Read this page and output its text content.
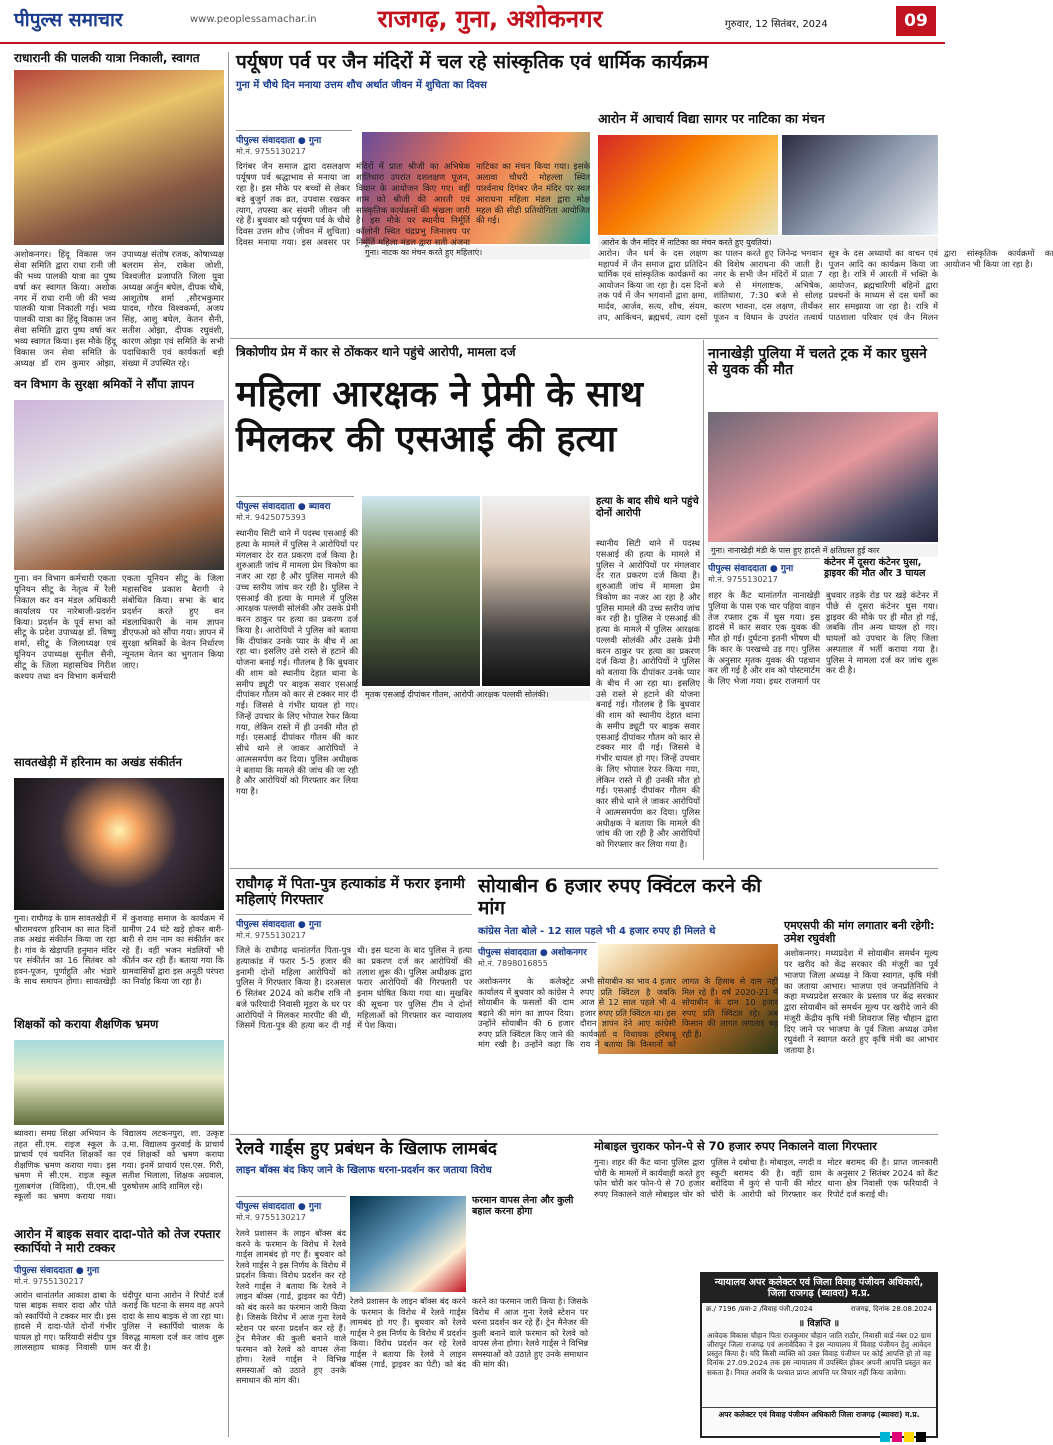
पीपुल्स समाचार	www.peoplessamachar.in	राजगढ़, गुना, अशोकनगर	गुरुवार, 12 सितंबर, 2024	09
राधारानी की पालकी यात्रा निकाली, स्वागत
अशोकनगर। हिंदू विकास जन सेवा समिति द्वारा राधा रानी जी की भव्य पालकी यात्रा का पुष्प वर्षा कर स्वागत किया। अशोक नगर में राधा रानी जी की भव्य पालकी यात्रा निकाली गई। भव्य पालकी यात्रा का हिंदू विकास जन सेवा समिति द्वारा पुष्प वर्षा कर भव्य स्वागत किया। इस मौके हिंदू विकास जन सेवा समिति के अध्यक्ष डॉ राम कुमार ओझा, उपाध्यक्ष संतोष रजक, कोषाध्यक्ष बलराम सेन, राकेश जोशी, विश्वजीत प्रजापति जिला युवा अध्यक्ष अर्जुन बघेल, दीपक चौबे, आशुतोष शर्मा ,सौरभकुमार यादव, गौरव विश्वकर्मा, अजय सिंह, आशु बघेल, केतन सैनी, सतीश ओझा, दीपक रघुवंशी, कारण ओझा एवं समिति के सभी पदाधिकारी एवं कार्यकर्ता बड़ी संख्या में उपस्थित रहे।
पर्यूषण पर्व पर जैन मंदिरों में चल रहे सांस्कृतिक एवं धार्मिक कार्यक्रम
गुना में चौथे दिन मनाया उत्तम शौच अर्थात जीवन में शुचिता का दिवस
पीपुल्स संवाददाता ● गुना
मो.नं. 9755130217
गुना। नाटक का मंचन करते हुए महिलाएं।
दिगंबर जैन समाज द्वारा दसलक्षण पर्यूषण पर्व श्रद्धाभाव से मनाया जा रहा है। इस मौके पर बच्चों से लेकर बड़े बुजुर्ग तक व्रत, उपवास रखकर त्याग, तपस्या कर संयमी जीवन जी रहे हैं। बुधवार को पर्यूषण पर्व के चौथे दिवस उत्तम शौच (जीवन में शुचिता) दिवस मनाया गया। इस अवसर पर मंदिरों में प्रातः श्रीजी का अभिषेक शांतिधारा उपरांत दशलक्षण पूजन, विधान के आयोजन किए गए। वहीं शाम को श्रीजी की आरती एवं सांस्कृतिक कार्यक्रमों की श्रृंखला जारी है। इस मौके पर स्थानीय निर्मूर्ति कॉलोनी स्थित चंद्रप्रभु जिनालय पर निर्मूर्ति महिला मंडल द्वारा सती अंजना नाटिका का मंचन किया गया। इसके अलावा चौधरी मोहल्ला स्थित पार्श्वनाथ दिगंबर जैन मंदिर पर स्वत आराधना महिला मंडल द्वारा मोक्ष महल की सीढ़ी प्रतियोगिता आयोजित की गई।
आरोन में आचार्य विद्या सागर पर नाटिका का मंचन
आरोन के जैन मंदिर में नाटिका का मंचन करते हुए युवतियां।
आरोन। जैन धर्म के दस लक्षण महापर्व में जैन समाज द्वारा प्रतिदिन धार्मिक एवं सांस्कृतिक कार्यक्रमों का आयोजन किया जा रहा है। दस दिनों तक पर्व में जैन भगवानों द्वारा क्षमा, मार्दव, आर्जव, सत्य, शौच, संयम, तप, आकिंचन, ब्रह्मचर्य, त्याग दसों का पालन करते हुए जिनेन्द्र भगवान की विशेष आराधना की जाती है। नगर के सभी जैन मंदिरों में प्रातः 7 बजे से मंगलाष्टक, अभिषेक, शांतिधारा, 7:30 बजे से सोलह कारण भावना, दस लक्षण, तीर्थंकर पूजन व विधान के उपरांत तत्वार्थ सूत्र के दस अध्यायों का वाचन एवं पूजन आदि का कार्यक्रम किया जा रहा है। रात्रि में आरती में भक्ति के आयोजन, ब्रह्मचारिणी बहिनों द्वारा प्रवचनों के माध्यम से दस धर्मों का सार समझाया जा रहा है। रात्रि में पाठशाला परिवार एवं जैन मिलन द्वारा सांस्कृतिक कार्यक्रमों का आयोजन भी किया जा रहा है।
वन विभाग के सुरक्षा श्रमिकों ने सौंपा ज्ञापन
गुना। वन विभाग कर्मचारी एकता यूनियन सीटू के नेतृत्व में रैली निकाल कर वन मंडल अधिकारी कार्यालय पर नारेबाजी-प्रदर्शन किया। प्रदर्शन के पूर्व सभा को सीटू के प्रदेश उपाध्यक्ष डॉ. विष्णु शर्मा, सीटू के जिलाध्यक्ष एवं यूनियन उपाध्यक्ष सुनील सैनी, सीटू के जिला महासचिव गिरीश कश्यप तथा वन विभाग कर्मचारी एकता यूनियन सीटू के जिला महासचिव प्रकाश बैरागी ने संबोधित किया। सभा के बाद प्रदर्शन करते हुए वन मंडलाधिकारी के नाम ज्ञापन डीएफओ को सौंपा गया। ज्ञापन में सुरक्षा श्रमिकों के वेतन निर्धारण न्यूनतम वेतन का भुगतान किया जाए।
सावतखेड़ी में हरिनाम का अखंड संकीर्तन
गुना। राघौगढ़ के ग्राम सावतखेड़ी में श्रीरामचरण हरिनाम का सात दिनों तक अखंड संकीर्तन किया जा रहा है। गांव के खेड़ापति हनुमान मंदिर पर संकीर्तन का 16 सितंबर को हवन-पूजन, पूर्णाहुति और भंडारे के साथ समापन होगा। सावतखेड़ी में कुशवाह समाज के कार्यक्रम में ग्रामीण 24 घंटे खड़े होकर बारी-बारी से राम नाम का संकीर्तन कर रहे हैं। वहीं भजन मंडलियों भी कीर्तन कर रही हैं। बताया गया कि ग्रामवासियों द्वारा इस अनूठी परंपरा का निर्वाह किया जा रहा है।
शिक्षकों को कराया शैक्षणिक भ्रमण
ब्यावरा। समग्र शिक्षा अभियान के तहत सी.एम. राइज स्कूल के प्राचार्य एवं चयनित शिक्षकों का शैक्षणिक भ्रमण कराया गया। इस भ्रमण में सी.एम. राइज स्कूल गुलाबगंज (विदिशा), पी.एम.श्री स्कूलों का भ्रमण कराया गया। विद्यालय लटकनपुरा, शा. उत्कृष्ट उ.मा. विद्यालय कुरवाई के प्राचार्य एवं शिक्षकों को भ्रमण कराया गया। इनमें प्राचार्य एस.एस. गिरी, सतीश भिलाला, शिक्षक अग्रवाल, पुरुषोत्तम आदि शामिल रहे।
आरोन में बाइक सवार दादा-पोते को तेज रफ्तार स्कार्पियो ने मारी टक्कर
पीपुल्स संवाददाता ● गुना
मो.नं. 9755130217
आरोन थानांतर्गत आकाश ढाबा के पास बाइक सवार दादा और पोते को स्कार्पियो ने टक्कर मार दी। इस हादसे में दादा-पोते दोनों गंभीर घायल हो गए। फरियादी संदीप पुत्र लालसहाय धाकड़ निवासी ग्राम चंदीपुर थाना आरोन ने रिपोर्ट दर्ज कराई कि घटना के समय वह अपने दादा के साथ बाइक से जा रहा था। पुलिस ने स्कार्पियो चालक के विरुद्ध मामला दर्ज कर जांच शुरू कर दी है।
त्रिकोणीय प्रेम में कार से ठोंककर थाने पहुंचे आरोपी, मामला दर्ज
महिला आरक्षक ने प्रेमी के साथ मिलकर की एसआई की हत्या
पीपुल्स संवाददाता ● ब्यावरा
मो.नं. 9425075393
मृतक एसआई दीपांकर गौतम, आरोपी आरक्षक पल्लवी सोलंकी।
हत्या के बाद सीधे थाने पहुंचे दोनों आरोपी
स्थानीय सिटी थाने में पदस्थ एसआई की हत्या के मामले में पुलिस ने आरोपियों पर मंगलवार देर रात प्रकरण दर्ज किया है। शुरुआती जांच में मामला प्रेम त्रिकोण का नजर आ रहा है और पुलिस मामले की उच्च स्तरीय जांच कर रही है। पुलिस ने एसआई की हत्या के मामले में पुलिस आरक्षक पल्लवी सोलंकी और उसके प्रेमी करन ठाकुर पर हत्या का प्रकरण दर्ज किया है। आरोपियों ने पुलिस को बताया कि दीपांकर उनके प्यार के बीच में आ रहा था। इसलिए उसे रास्ते से हटाने की योजना बनाई गई। गौतलब है कि बुधवार की शाम को स्थानीय देहात थाना के समीप ड्यूटी पर बाइक सवार एसआई दीपांकर गौतम को कार से टक्कर मार दी गई। जिससे वे गंभीर घायल हो गए। जिन्हें उपचार के लिए भोपाल रेफर किया गया, लेकिन रास्ते में ही उनकी मौत हो गई। एसआई दीपांकर गौतम की कार सीधे थाने ले जाकर आरोपियों ने आत्मसमर्पण कर दिया। पुलिस अधीक्षक ने बताया कि मामले की जांच की जा रही है और आरोपियों को गिरफ्तार कर लिया गया है।
स्थानीय सिटी थाने में पदस्थ एसआई की हत्या के मामले में पुलिस ने आरोपियों पर मंगलवार देर रात प्रकरण दर्ज किया है। शुरुआती जांच में मामला प्रेम त्रिकोण का नजर आ रहा है और पुलिस मामले की उच्च स्तरीय जांच कर रही है। पुलिस ने एसआई की हत्या के मामले में पुलिस आरक्षक पल्लवी सोलंकी और उसके प्रेमी करन ठाकुर पर हत्या का प्रकरण दर्ज किया है। आरोपियों ने पुलिस को बताया कि दीपांकर उनके प्यार के बीच में आ रहा था। इसलिए उसे रास्ते से हटाने की योजना बनाई गई। गौतलब है कि बुधवार की शाम को स्थानीय देहात थाना के समीप ड्यूटी पर बाइक सवार एसआई दीपांकर गौतम को कार से टक्कर मार दी गई। जिससे वे गंभीर घायल हो गए। जिन्हें उपचार के लिए भोपाल रेफर किया गया, लेकिन रास्ते में ही उनकी मौत हो गई। एसआई दीपांकर गौतम की कार सीधे थाने ले जाकर आरोपियों ने आत्मसमर्पण कर दिया। पुलिस अधीक्षक ने बताया कि मामले की जांच की जा रही है और आरोपियों को गिरफ्तार कर लिया गया है।
नानाखेड़ी पुलिया में चलते ट्रक में कार घुसने से युवक की मौत
गुना। नानाखेड़ी मंडी के पास हुए हादसे में क्षतिग्रस्त हुई कार
पीपुल्स संवाददाता ● गुना
मो.नं. 9755130217
कंटेनर में दूसरा कंटेनर घुसा, ड्राइवर की मौत और 3 घायल
शहर के कैंट थानांतर्गत नानाखेड़ी पुलिया के पास एक चार पहिया वाहन तेज रफ्तार ट्रक में घुस गया। इस हादसे में कार सवार एक युवक की मौत हो गई। दुर्घटना इतनी भीषण थी कि कार के परखच्चे उड़ गए। पुलिस के अनुसार मृतक युवक की पहचान कर ली गई है और शव को पोस्टमार्टम के लिए भेजा गया। इधर राजमार्ग पर बुधवार तड़के रोड पर खड़े कंटेनर में पीछे से दूसरा कंटेनर घुस गया। ड्राइवर की मौके पर ही मौत हो गई, जबकि तीन अन्य घायल हो गए। घायलों को उपचार के लिए जिला अस्पताल में भर्ती कराया गया है। पुलिस ने मामला दर्ज कर जांच शुरू कर दी है।
राघौगढ़ में पिता-पुत्र हत्याकांड में फरार इनामी महिलाएं गिरफ्तार
पीपुल्स संवाददाता ● गुना
मो.नं. 9755130217
जिले के राघौगढ़ थानांतर्गत पिता-पुत्र हत्याकांड में फरार 5-5 हजार की इनामी दोनों महिला आरोपियों को पुलिस ने गिरफ्तार किया है। दरअसल 6 सितंबर 2024 को करीब रात्रि नौ बजे फरियादी निवासी मूड़रा के घर पर आरोपियों ने मिलकर मारपीट की थी, जिसमें पिता-पुत्र की हत्या कर दी गई थी। इस घटना के बाद पुलिस ने हत्या का प्रकरण दर्ज कर आरोपियों की तलाश शुरू की। पुलिस अधीक्षक द्वारा फरार आरोपियों की गिरफ्तारी पर इनाम घोषित किया गया था। मुखबिर की सूचना पर पुलिस टीम ने दोनों महिलाओं को गिरफ्तार कर न्यायालय में पेश किया।
सोयाबीन 6 हजार रुपए क्विंटल करने की मांग
कांग्रेस नेता बोले - 12 साल पहले भी 4 हजार रुपए ही मिलते थे
पीपुल्स संवाददाता ● अशोकनगर
मो.नं. 7898016855
अशोकनगर के कलेक्ट्रेट कार्यालय में बुधवार को कांग्रेस ने सोयाबीन के फसलों की दाम बढ़ाने की मांग का ज्ञापन दिया। उन्होंने सोयाबीन की 6 हजार रुपए प्रति क्विंटल किए जाने की मांग रखी है। उन्होंने कहा कि अभी सोयाबीन का भाव 4 हजार रुपए प्रति क्विंटल है जबकि आज से 12 साल पहले भी 4 हजार रुपए प्रति क्विंटल था। इस दौरान ज्ञापन देने आए कांग्रेसी कार्यकर्ता व विधायक हरिबाबू राय ने बताया कि किसानों को लागत के हिसाब से दाम नहीं मिल रहे हैं। वर्ष 2020-21 में सोयाबीन के दाम 10 हजार रुपए प्रति क्विंटल रहे। अब किसान की लागत लगातार बढ़ रही है।
एमएसपी की मांग लगातार बनी रहेगी: उमेश रघुवंशी
अशोकनगर। मध्यप्रदेश में सोयाबीन समर्थन मूल्य पर खरीद को केंद्र सरकार की मंजूरी का पूर्व भाजपा जिला अध्यक्ष ने किया स्वागत, कृषि मंत्री का जताया आभार। भाजपा एवं जनप्रतिनिधि ने कहा मध्यप्रदेश सरकार के प्रस्ताव पर केंद्र सरकार द्वारा सोयाबीन को समर्थन मूल्य पर खरीदे जाने की मंजूरी केंद्रीय कृषि मंत्री शिवराज सिंह चौहान द्वारा दिए जाने पर भाजपा के पूर्व जिला अध्यक्ष उमेश रघुवंशी ने स्वागत करते हुए कृषि मंत्री का आभार जताया है।
रेलवे गार्ड्स हुए प्रबंधन के खिलाफ लामबंद
लाइन बॉक्स बंद किए जाने के खिलाफ धरना-प्रदर्शन कर जताया विरोध
पीपुल्स संवाददाता ● गुना
मो.नं. 9755130217
फरमान वापस लेना और कुली बहाल करना होगा
रेलवे प्रशासन के लाइन बॉक्स बंद करने के फरमान के विरोध में रेलवे गार्ड्स लामबंद हो गए हैं। बुधवार को रेलवे गार्ड्स ने इस निर्णय के विरोध में प्रदर्शन किया। विरोध प्रदर्शन कर रहे रेलवे गार्ड्स ने बताया कि रेलवे ने लाइन बॉक्स (गार्ड, ड्राइवर का पेटी) को बंद करने का फरमान जारी किया है। जिसके विरोध में आज गुना रेलवे स्टेशन पर धरना प्रदर्शन कर रहे हैं। ट्रेन मैनेजर की कुली बनाने वाले फरमान को रेलवे को वापस लेना होगा। रेलवे गार्ड्स ने विभिन्न समस्याओं को उठाते हुए उनके समाधान की मांग की।
रेलवे प्रशासन के लाइन बॉक्स बंद करने के फरमान के विरोध में रेलवे गार्ड्स लामबंद हो गए हैं। बुधवार को रेलवे गार्ड्स ने इस निर्णय के विरोध में प्रदर्शन किया। विरोध प्रदर्शन कर रहे रेलवे गार्ड्स ने बताया कि रेलवे ने लाइन बॉक्स (गार्ड, ड्राइवर का पेटी) को बंद करने का फरमान जारी किया है। जिसके विरोध में आज गुना रेलवे स्टेशन पर धरना प्रदर्शन कर रहे हैं। ट्रेन मैनेजर की कुली बनाने वाले फरमान को रेलवे को वापस लेना होगा। रेलवे गार्ड्स ने विभिन्न समस्याओं को उठाते हुए उनके समाधान की मांग की।
मोबाइल चुराकर फोन-पे से 70 हजार रुपए निकालने वाला गिरफ्तार
गुना। शहर की कैंट थाना पुलिस द्वारा चोरी के मामलों में कार्यवाही करते हुए फोन चोरी कर फोन-पे से 70 हजार रुपए निकालने वाले मोबाइल चोर को पुलिस ने दबोचा है। मोबाइल, नगदी व स्कूटी बरामद की है। वहीं ग्राम बरोदिया में कुएं से पानी की मोटर चोरी के आरोपी को गिरफ्तार कर मोटर बरामद की है। प्राप्त जानकारी के अनुसार 2 सितंबर 2024 को कैंट थाना क्षेत्र निवासी एक फरियादी ने रिपोर्ट दर्ज कराई थी।
न्यायालय अपर कलेक्टर एवं जिला विवाह पंजीयन अधिकारी, जिला राजगढ़ (ब्यावरा) म.प्र.
क्र./ 7196 /प्रवा-2 /विवाह पंजी./2024	राजगढ़, दिनांक 28.08.2024
॥ विज्ञप्ति ॥
आवेदक विकास चौहान पिता राजकुमार चौहान जाति राठौर, निवासी वार्ड नंबर 02 ग्राम जीरापुर जिला राजगढ़ एवं अनावेदिका ने इस न्यायालय में विवाह पंजीयन हेतु आवेदन प्रस्तुत किया है। यदि किसी व्यक्ति को उक्त विवाह पंजीयन पर कोई आपत्ति हो तो वह दिनांक 27.09.2024 तक इस न्यायालय में उपस्थित होकर अपनी आपत्ति प्रस्तुत कर सकता है। नियत अवधि के पश्चात प्राप्त आपत्ति पर विचार नहीं किया जावेगा।
अपर कलेक्टर एवं विवाह पंजीयन अधिकारी जिला राजगढ़ (ब्यावरा) म.प्र.
